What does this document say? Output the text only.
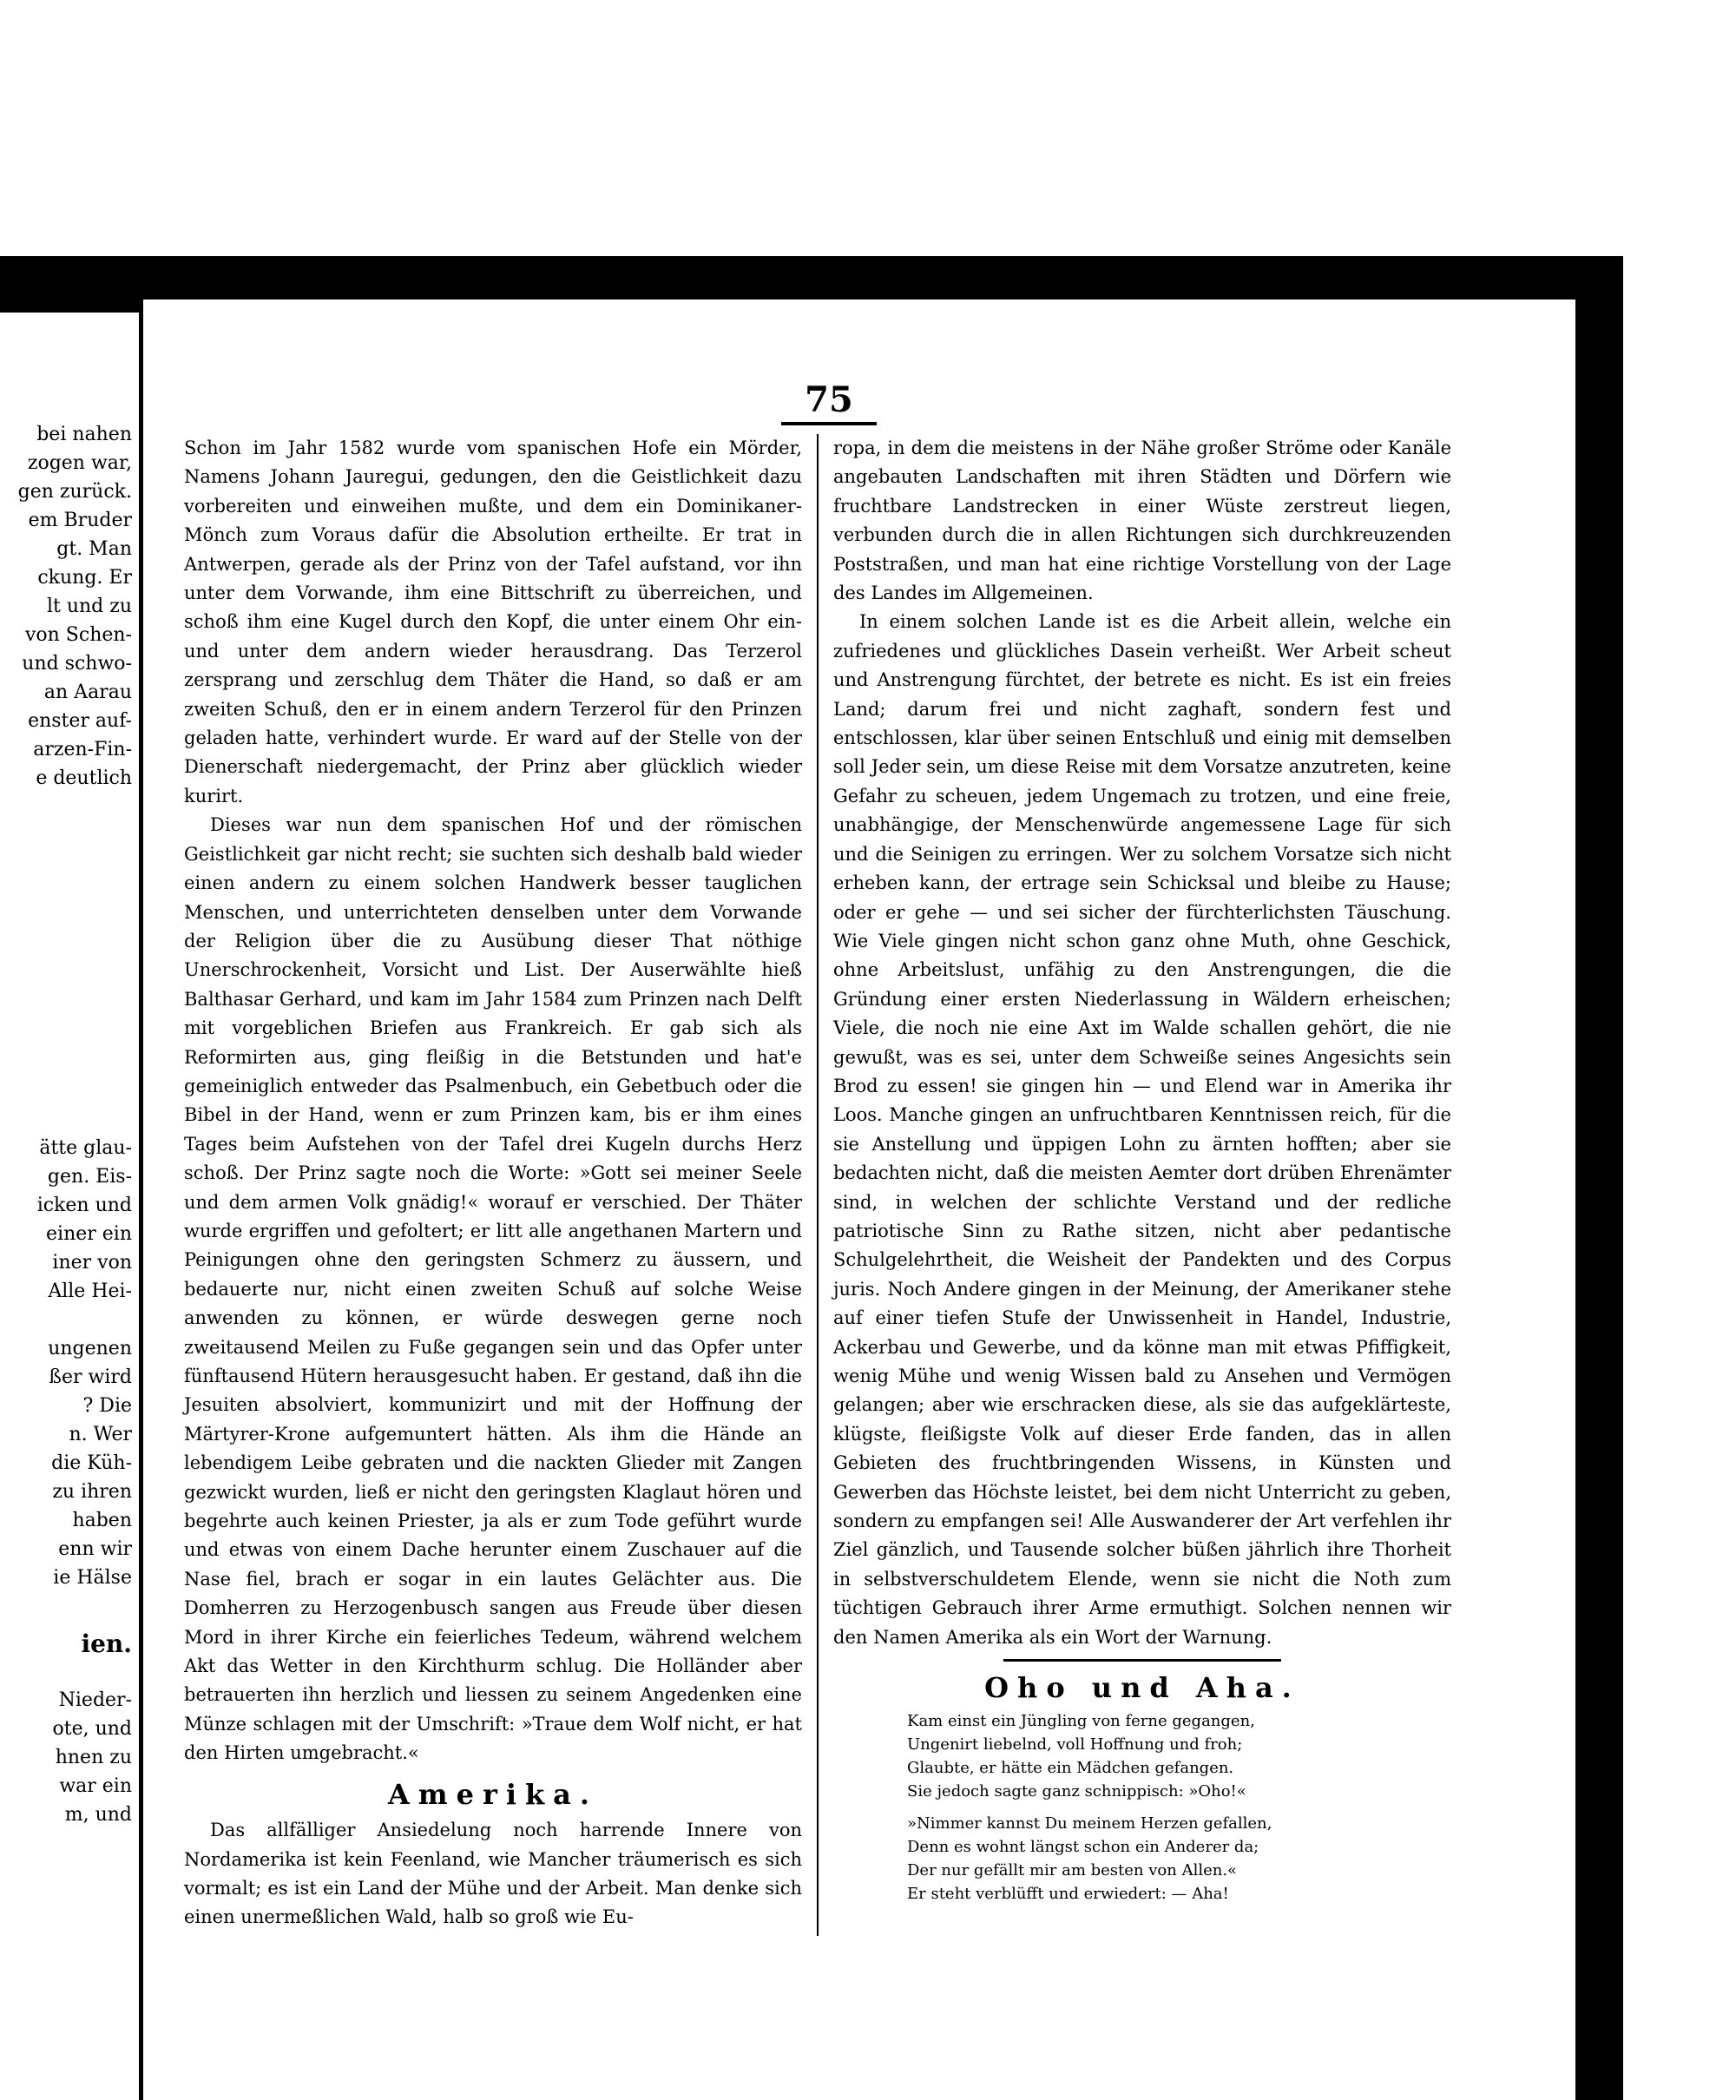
bei nahen
zogen war,
gen zurück.
em Bruder
gt. Man
ckung. Er
lt und zu
von Schen-
und schwo-
an Aarau
enster auf-
arzen-Fin-
e deutlich
ätte glau-
gen. Eis-
icken und
einer ein
iner von
Alle Hei-
ungenen
ßer wird
? Die
n. Wer
die Küh-
zu ihren
haben
enn wir
ie Hälse
ien.
Nieder-
ote, und
hnen zu
war ein
m, und
75

Schon im Jahr 1582 wurde vom spanischen Hofe ein Mörder, Namens Johann Jauregui, gedungen, den die Geistlichkeit dazu vorbereiten und einweihen mußte, und dem ein Dominikaner-Mönch zum Voraus dafür die Absolution ertheilte. Er trat in Antwerpen, gerade als der Prinz von der Tafel aufstand, vor ihn unter dem Vorwande, ihm eine Bittschrift zu überreichen, und schoß ihm eine Kugel durch den Kopf, die unter einem Ohr ein- und unter dem andern wieder herausdrang. Das Terzerol zersprang und zerschlug dem Thäter die Hand, so daß er am zweiten Schuß, den er in einem andern Terzerol für den Prinzen geladen hatte, verhindert wurde. Er ward auf der Stelle von der Dienerschaft niedergemacht, der Prinz aber glücklich wieder kurirt.

Dieses war nun dem spanischen Hof und der römischen Geistlichkeit gar nicht recht; sie suchten sich deshalb bald wieder einen andern zu einem solchen Handwerk besser tauglichen Menschen, und unterrichteten denselben unter dem Vorwande der Religion über die zu Ausübung dieser That nöthige Unerschrockenheit, Vorsicht und List. Der Auserwählte hieß Balthasar Gerhard, und kam im Jahr 1584 zum Prinzen nach Delft mit vorgeblichen Briefen aus Frankreich. Er gab sich als Reformirten aus, ging fleißig in die Betstunden und hat'e gemeiniglich entweder das Psalmenbuch, ein Gebetbuch oder die Bibel in der Hand, wenn er zum Prinzen kam, bis er ihm eines Tages beim Aufstehen von der Tafel drei Kugeln durchs Herz schoß. Der Prinz sagte noch die Worte: »Gott sei meiner Seele und dem armen Volk gnädig!« worauf er verschied. Der Thäter wurde ergriffen und gefoltert; er litt alle angethanen Martern und Peinigungen ohne den geringsten Schmerz zu äussern, und bedauerte nur, nicht einen zweiten Schuß auf solche Weise anwenden zu können, er würde deswegen gerne noch zweitausend Meilen zu Fuße gegangen sein und das Opfer unter fünftausend Hütern herausgesucht haben. Er gestand, daß ihn die Jesuiten absolviert, kommunizirt und mit der Hoffnung der Märtyrer-Krone aufgemuntert hätten. Als ihm die Hände an lebendigem Leibe gebraten und die nackten Glieder mit Zangen gezwickt wurden, ließ er nicht den geringsten Klaglaut hören und begehrte auch keinen Priester, ja als er zum Tode geführt wurde und etwas von einem Dache herunter einem Zuschauer auf die Nase fiel, brach er sogar in ein lautes Gelächter aus. Die Domherren zu Herzogenbusch sangen aus Freude über diesen Mord in ihrer Kirche ein feierliches Tedeum, während welchem Akt das Wetter in den Kirchthurm schlug. Die Holländer aber betrauerten ihn herzlich und liessen zu seinem Angedenken eine Münze schlagen mit der Umschrift: »Traue dem Wolf nicht, er hat den Hirten umgebracht.«

Amerika.

Das allfälliger Ansiedelung noch harrende Innere von Nordamerika ist kein Feenland, wie Mancher träumerisch es sich vormalt; es ist ein Land der Mühe und der Arbeit. Man denke sich einen unermeßlichen Wald, halb so groß wie Eu-

ropa, in dem die meistens in der Nähe großer Ströme oder Kanäle angebauten Landschaften mit ihren Städten und Dörfern wie fruchtbare Landstrecken in einer Wüste zerstreut liegen, verbunden durch die in allen Richtungen sich durchkreuzenden Poststraßen, und man hat eine richtige Vorstellung von der Lage des Landes im Allgemeinen.

In einem solchen Lande ist es die Arbeit allein, welche ein zufriedenes und glückliches Dasein verheißt. Wer Arbeit scheut und Anstrengung fürchtet, der betrete es nicht. Es ist ein freies Land; darum frei und nicht zaghaft, sondern fest und entschlossen, klar über seinen Entschluß und einig mit demselben soll Jeder sein, um diese Reise mit dem Vorsatze anzutreten, keine Gefahr zu scheuen, jedem Ungemach zu trotzen, und eine freie, unabhängige, der Menschenwürde angemessene Lage für sich und die Seinigen zu erringen. Wer zu solchem Vorsatze sich nicht erheben kann, der ertrage sein Schicksal und bleibe zu Hause; oder er gehe — und sei sicher der fürchterlichsten Täuschung. Wie Viele gingen nicht schon ganz ohne Muth, ohne Geschick, ohne Arbeitslust, unfähig zu den Anstrengungen, die die Gründung einer ersten Niederlassung in Wäldern erheischen; Viele, die noch nie eine Axt im Walde schallen gehört, die nie gewußt, was es sei, unter dem Schweiße seines Angesichts sein Brod zu essen! sie gingen hin — und Elend war in Amerika ihr Loos. Manche gingen an unfruchtbaren Kenntnissen reich, für die sie Anstellung und üppigen Lohn zu ärnten hofften; aber sie bedachten nicht, daß die meisten Aemter dort drüben Ehrenämter sind, in welchen der schlichte Verstand und der redliche patriotische Sinn zu Rathe sitzen, nicht aber pedantische Schulgelehrtheit, die Weisheit der Pandekten und des Corpus juris. Noch Andere gingen in der Meinung, der Amerikaner stehe auf einer tiefen Stufe der Unwissenheit in Handel, Industrie, Ackerbau und Gewerbe, und da könne man mit etwas Pfiffigkeit, wenig Mühe und wenig Wissen bald zu Ansehen und Vermögen gelangen; aber wie erschracken diese, als sie das aufgeklärteste, klügste, fleißigste Volk auf dieser Erde fanden, das in allen Gebieten des fruchtbringenden Wissens, in Künsten und Gewerben das Höchste leistet, bei dem nicht Unterricht zu geben, sondern zu empfangen sei! Alle Auswanderer der Art verfehlen ihr Ziel gänzlich, und Tausende solcher büßen jährlich ihre Thorheit in selbstverschuldetem Elende, wenn sie nicht die Noth zum tüchtigen Gebrauch ihrer Arme ermuthigt. Solchen nennen wir den Namen Amerika als ein Wort der Warnung.

Oho und Aha.
Kam einst ein Jüngling von ferne gegangen,
Ungenirt liebelnd, voll Hoffnung und froh;
Glaubte, er hätte ein Mädchen gefangen.
Sie jedoch sagte ganz schnippisch: »Oho!«
»Nimmer kannst Du meinem Herzen gefallen,
Denn es wohnt längst schon ein Anderer da;
Der nur gefällt mir am besten von Allen.«
Er steht verblüfft und erwiedert: — Aha!
